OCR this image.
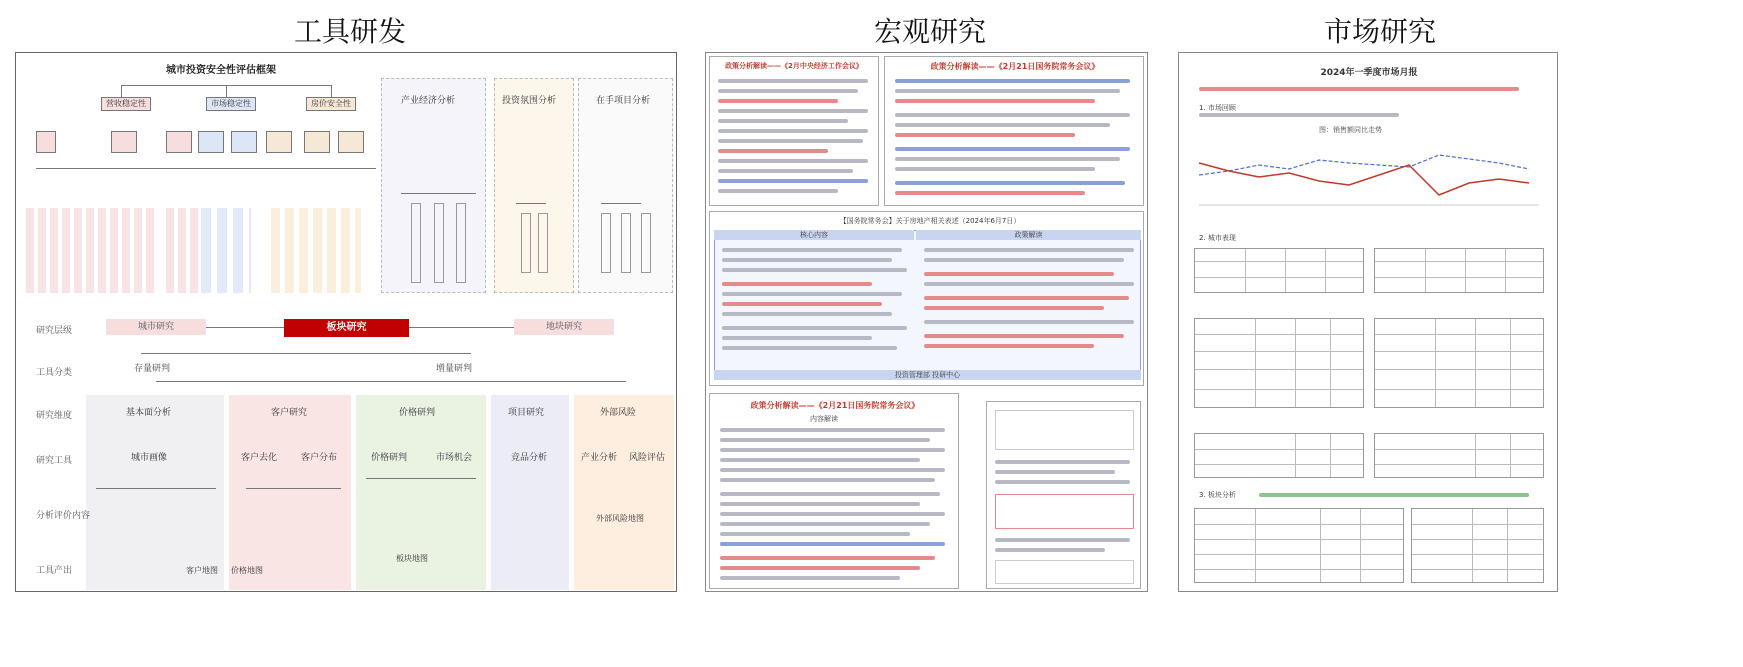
工具研发	宏观研究	市场研究
城市投资安全性评估框架
营收稳定性	市场稳定性	房价安全性	产业经济分析	投资氛围分析	在手项目分析
研究层级	城市研究	板块研究	地块研究
工具分类	存量研判	增量研判
研究维度	基本面分析	客户研究	价格研判	项目研究	外部风险
研究工具	城市画像	客户去化	客户分布	价格研判	市场机会	竞品分析	产业分析 风险评估
分析评价内容
工具产出	客户地图 价格地图
板块地图
外部风险地图
政策分析解读——《2月中央经济工作会议》	政策分析解读——《2月21日国务院常务会议》
【国务院常务会】关于房地产相关表述（2024年6月7日）
核心内容	政策解读
投资管理部 投研中心
政策分析解读——《2月21日国务院常务会议》
内容解读
2024年一季度市场月报
1. 市场回顾
图：销售额同比走势
2. 城市表现
3. 板块分析
